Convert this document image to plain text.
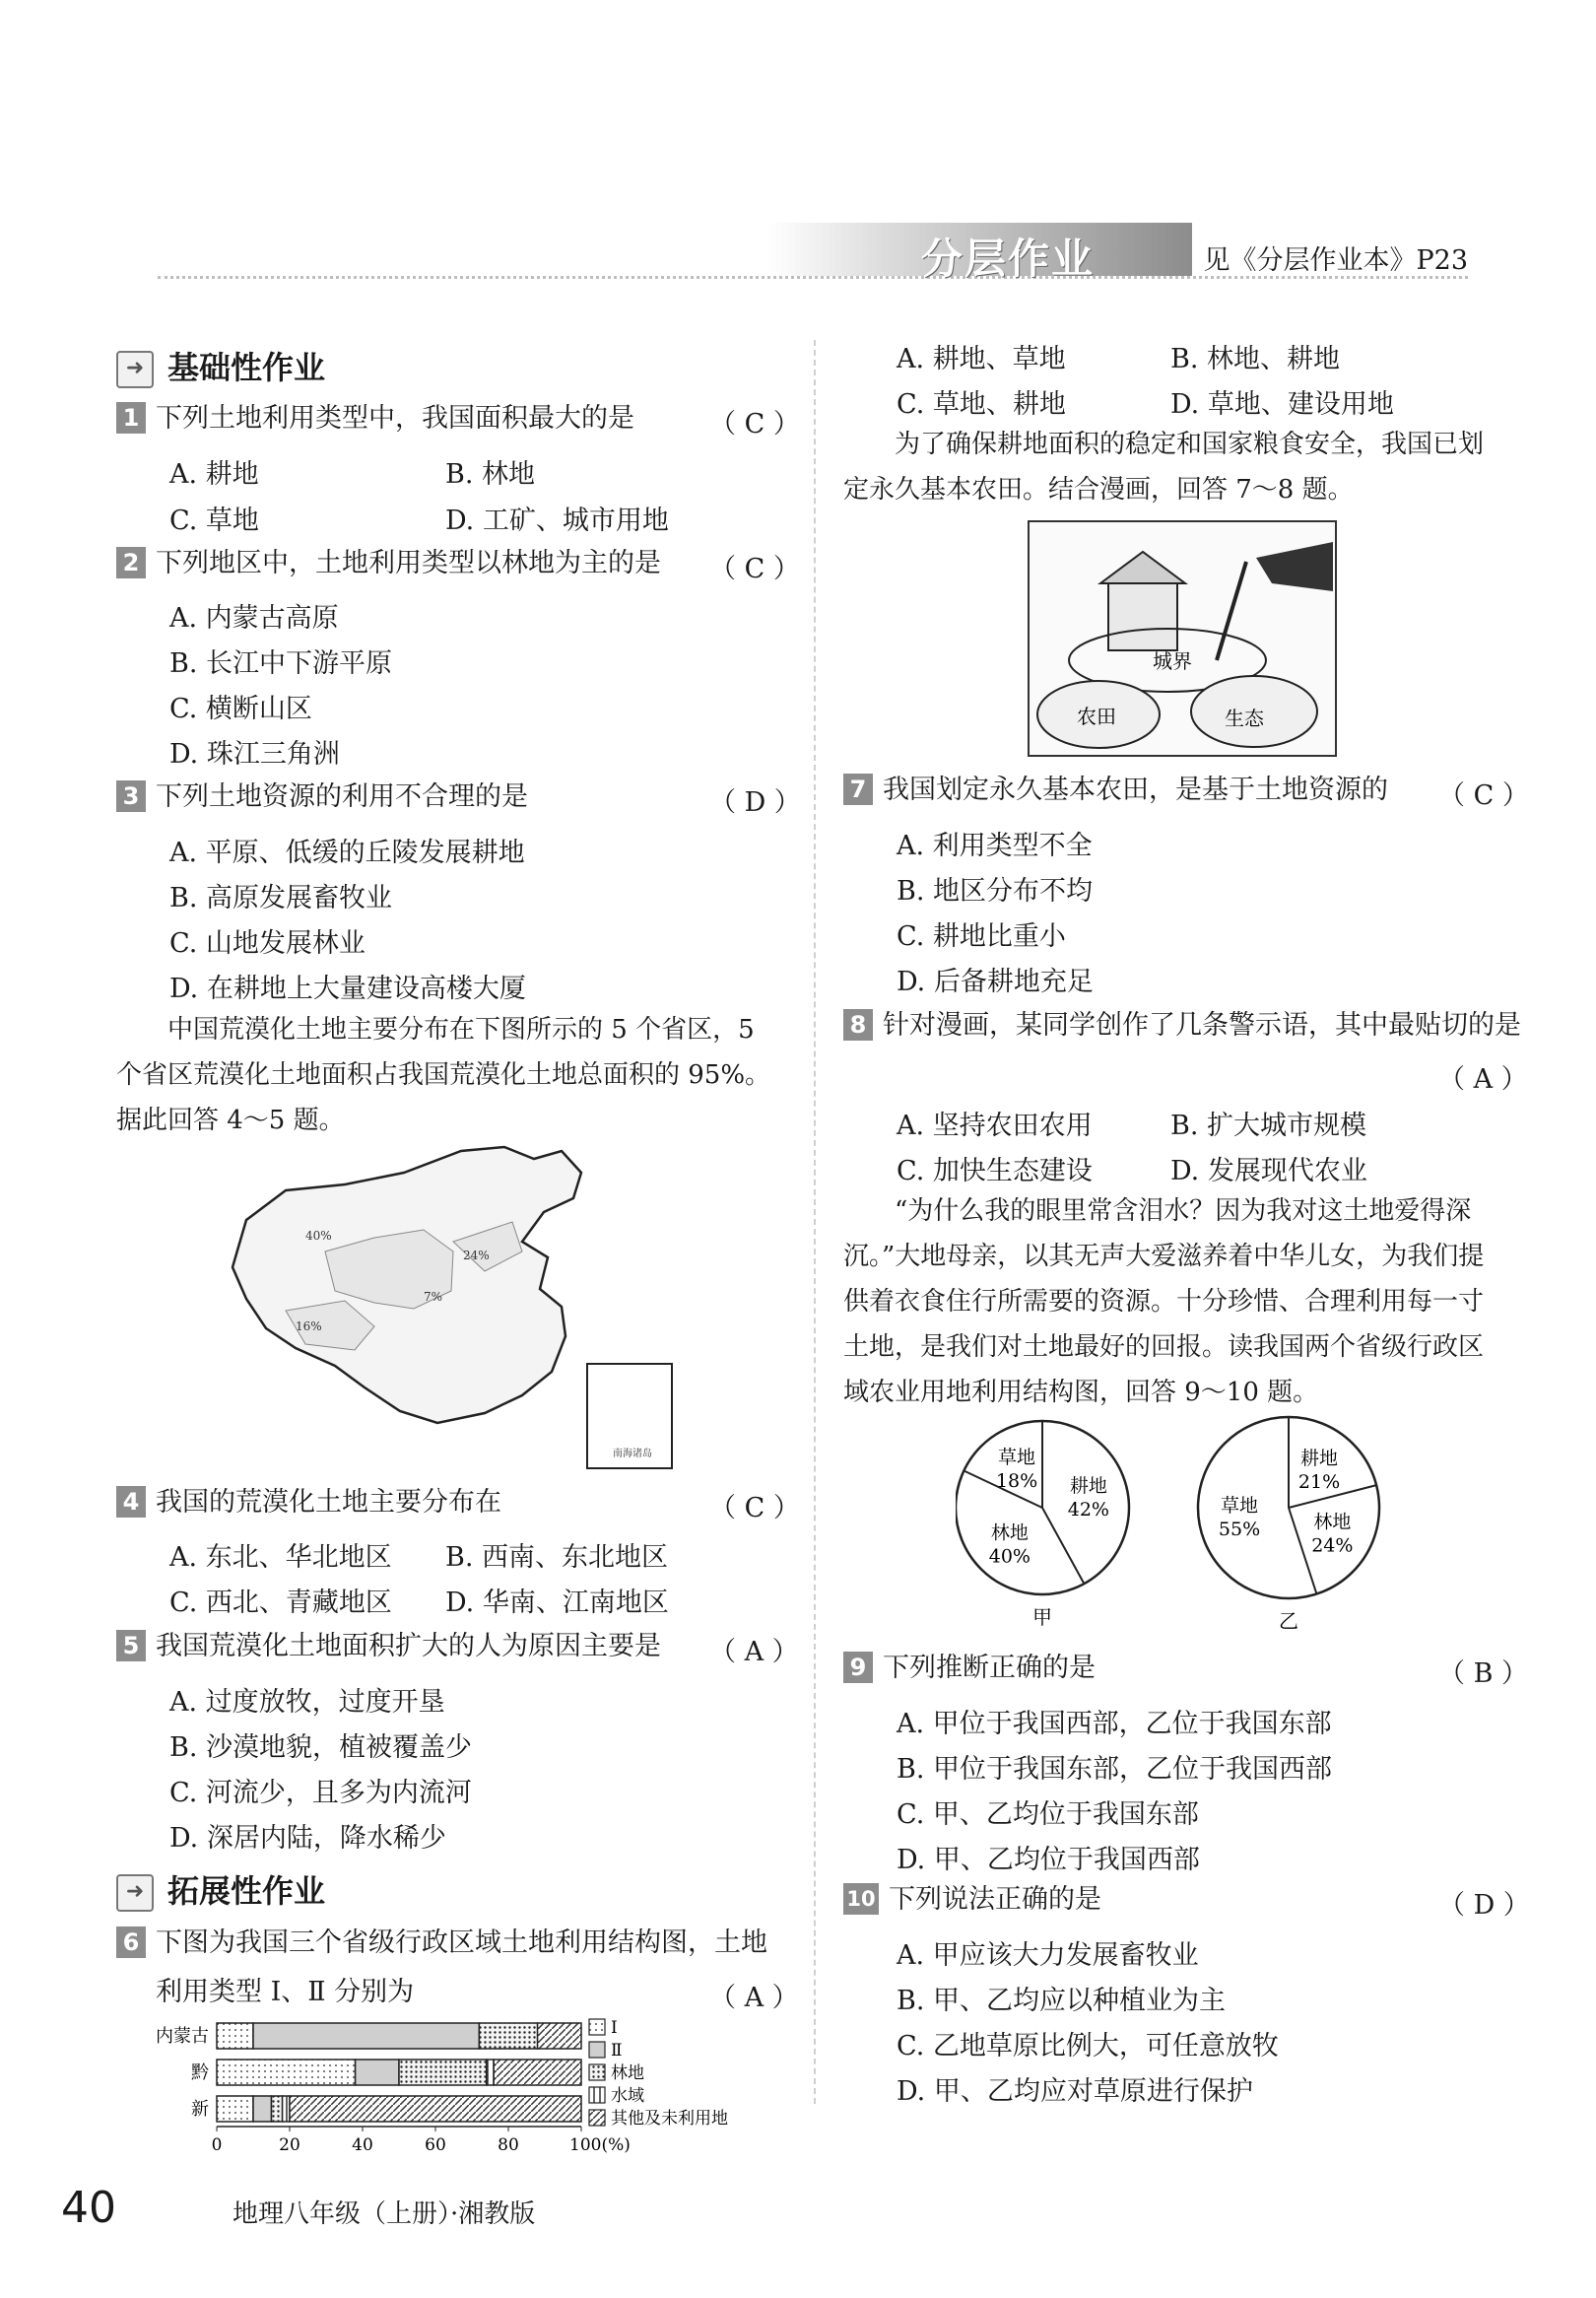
分层作业	见《分层作业本》P23
➜ 基础性作业
1 下列土地利用类型中，我国面积最大的是	（ C ）
A. 耕地	B. 林地
C. 草地	D. 工矿、城市用地
2 下列地区中，土地利用类型以林地为主的是 （ C ）
A. 内蒙古高原
B. 长江中下游平原
C. 横断山区
D. 珠江三角洲
3 下列土地资源的利用不合理的是	（ D ）
A. 平原、低缓的丘陵发展耕地
B. 高原发展畜牧业
C. 山地发展林业
D. 在耕地上大量建设高楼大厦
中国荒漠化土地主要分布在下图所示的 5 个省区，5
个省区荒漠化土地面积占我国荒漠化土地总面积的 95%。
据此回答 4～5 题。
40%
24%
16%
7%
南海诸岛
4 我国的荒漠化土地主要分布在	（ C ）
A. 东北、华北地区 B. 西南、东北地区
C. 西北、青藏地区 D. 华南、江南地区
5 我国荒漠化土地面积扩大的人为原因主要是 （ A ）
A. 过度放牧，过度开垦
B. 沙漠地貌，植被覆盖少
C. 河流少，且多为内流河
D. 深居内陆，降水稀少
➜ 拓展性作业
6 下图为我国三个省级行政区域土地利用结构图，土地
利用类型 Ⅰ、Ⅱ 分别为	（ A ）
内蒙古
黔
新
0	20	40	60	80	100(%)
Ⅰ
Ⅱ
林地
水域
其他及未利用地
A. 耕地、草地	B. 林地、耕地
C. 草地、耕地	D. 草地、建设用地
为了确保耕地面积的稳定和国家粮食安全，我国已划
定永久基本农田。结合漫画，回答 7～8 题。
城界
农田	生态
7 我国划定永久基本农田，是基于土地资源的 （ C ）
A. 利用类型不全
B. 地区分布不均
C. 耕地比重小
D. 后备耕地充足
8 针对漫画，某同学创作了几条警示语，其中最贴切的是
（ A ）
A. 坚持农田农用	B. 扩大城市规模
C. 加快生态建设	D. 发展现代农业
“为什么我的眼里常含泪水？因为我对这土地爱得深
沉。”大地母亲，以其无声大爱滋养着中华儿女，为我们提
供着衣食住行所需要的资源。十分珍惜、合理利用每一寸
土地，是我们对土地最好的回报。读我国两个省级行政区
域农业用地利用结构图，回答 9～10 题。
耕地
42%
林地
40%
草地
18%
甲
耕地
21%
林地
24%
草地
55%
乙
9 下列推断正确的是	（ B ）
A. 甲位于我国西部，乙位于我国东部
B. 甲位于我国东部，乙位于我国西部
C. 甲、乙均位于我国东部
D. 甲、乙均位于我国西部
10 下列说法正确的是	（ D ）
A. 甲应该大力发展畜牧业
B. 甲、乙均应以种植业为主
C. 乙地草原比例大，可任意放牧
D. 甲、乙均应对草原进行保护
40	地理八年级（上册）·湘教版
